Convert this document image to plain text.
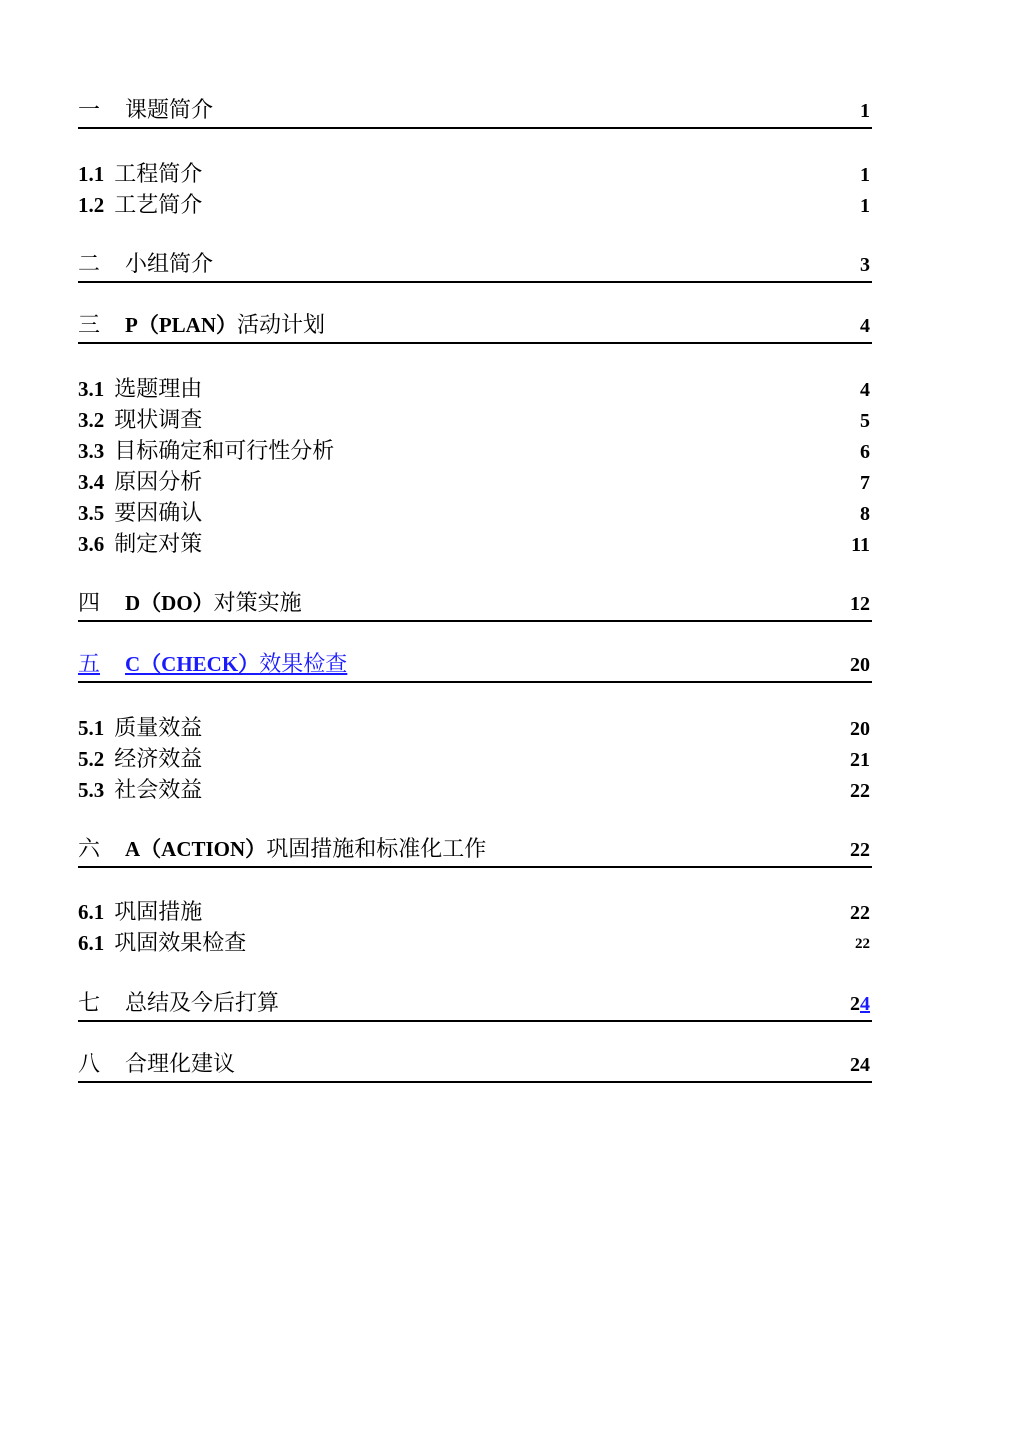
一 课题简介	1
1.1 工程简介	1
1.2 工艺简介	1
二 小组简介	3
三 P（PLAN）活动计划	4
3.1 选题理由	4
3.2 现状调查	5
3.3 目标确定和可行性分析	6
3.4 原因分析	7
3.5 要因确认	8
3.6 制定对策	11
四 D（DO）对策实施	12
五 C（CHECK）效果检查	20
5.1 质量效益	20
5.2 经济效益	21
5.3 社会效益	22
六 A（ACTION）巩固措施和标准化工作	22
6.1 巩固措施	22
6.1 巩固效果检查	22
七 总结及今后打算	24
八 合理化建议	24
